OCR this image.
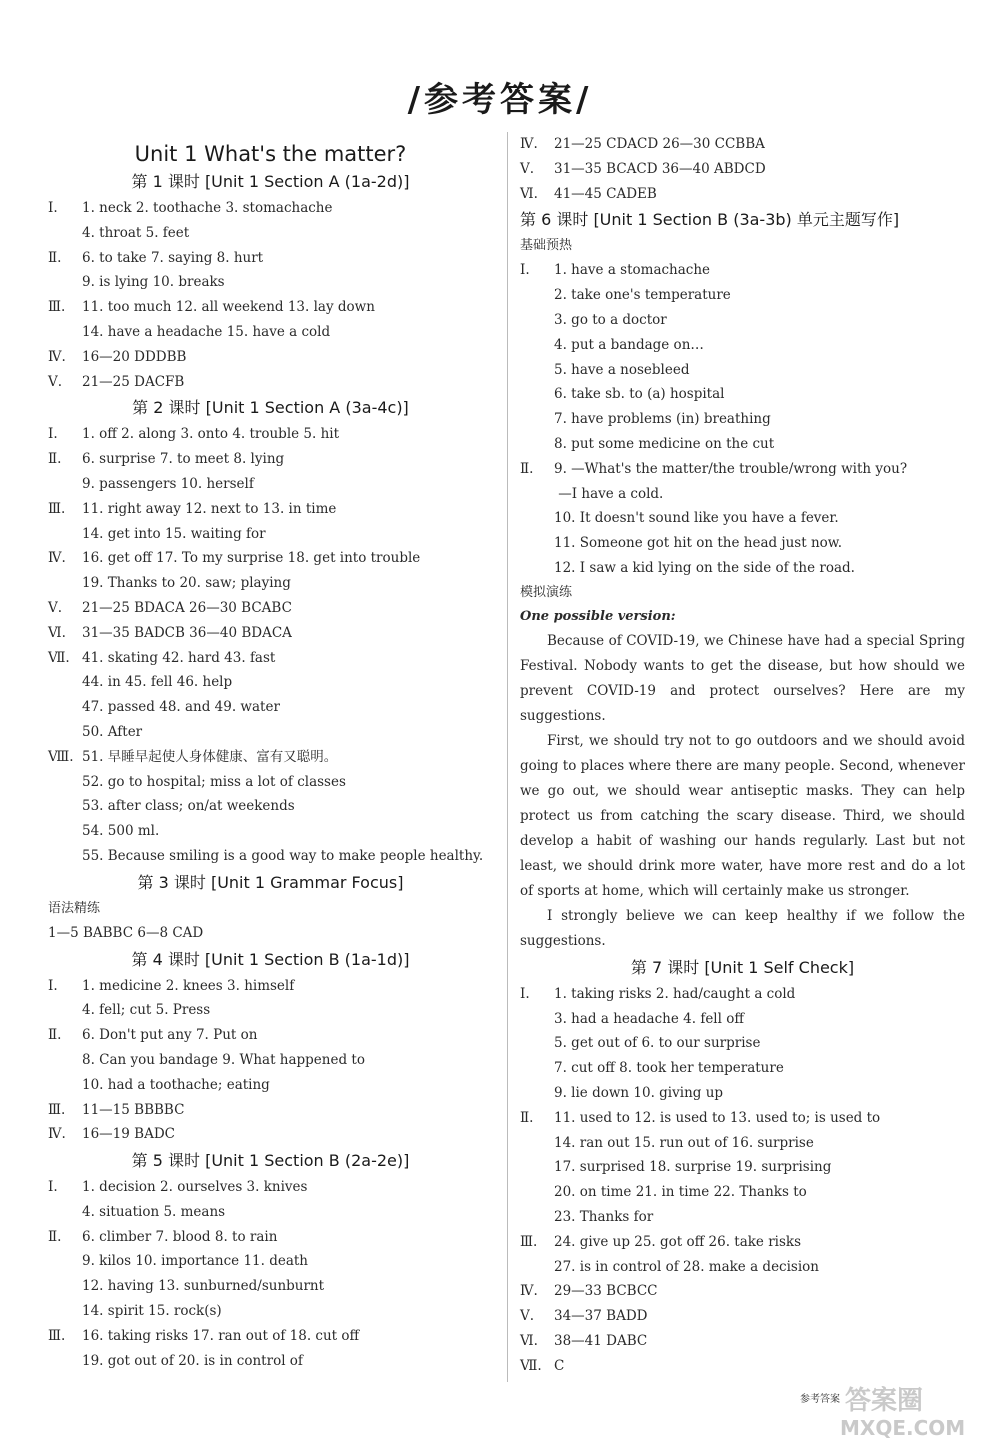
/参考答案/
Unit 1 What's the matter?
第 1 课时 [Unit 1 Section A (1a-2d)]
Ⅰ. 1. neck 2. toothache 3. stomachache
4. throat 5. feet
Ⅱ. 6. to take 7. saying 8. hurt
9. is lying 10. breaks
Ⅲ. 11. too much 12. all weekend 13. lay down
14. have a headache 15. have a cold
Ⅳ. 16—20 DDDBB
Ⅴ. 21—25 DACFB
第 2 课时 [Unit 1 Section A (3a-4c)]
Ⅰ. 1. off 2. along 3. onto 4. trouble 5. hit
Ⅱ. 6. surprise 7. to meet 8. lying
9. passengers 10. herself
Ⅲ. 11. right away 12. next to 13. in time
14. get into 15. waiting for
Ⅳ. 16. get off 17. To my surprise 18. get into trouble
19. Thanks to 20. saw; playing
Ⅴ. 21—25 BDACA 26—30 BCABC
Ⅵ. 31—35 BADCB 36—40 BDACA
Ⅶ. 41. skating 42. hard 43. fast
44. in 45. fell 46. help
47. passed 48. and 49. water
50. After
Ⅷ. 51. 早睡早起使人身体健康、富有又聪明。
52. go to hospital; miss a lot of classes
53. after class; on/at weekends
54. 500 ml.
55. Because smiling is a good way to make people healthy.
第 3 课时 [Unit 1 Grammar Focus]
语法精练
1—5 BABBC 6—8 CAD
第 4 课时 [Unit 1 Section B (1a-1d)]
Ⅰ. 1. medicine 2. knees 3. himself
4. fell; cut 5. Press
Ⅱ. 6. Don't put any 7. Put on
8. Can you bandage 9. What happened to
10. had a toothache; eating
Ⅲ. 11—15 BBBBC
Ⅳ. 16—19 BADC
第 5 课时 [Unit 1 Section B (2a-2e)]
Ⅰ. 1. decision 2. ourselves 3. knives
4. situation 5. means
Ⅱ. 6. climber 7. blood 8. to rain
9. kilos 10. importance 11. death
12. having 13. sunburned/sunburnt
14. spirit 15. rock(s)
Ⅲ. 16. taking risks 17. ran out of 18. cut off
19. got out of 20. is in control of
Ⅳ. 21—25 CDACD 26—30 CCBBA
Ⅴ. 31—35 BCACD 36—40 ABDCD
Ⅵ. 41—45 CADEB
第 6 课时 [Unit 1 Section B (3a-3b) 单元主题写作]
基础预热
Ⅰ. 1. have a stomachache
2. take one's temperature
3. go to a doctor
4. put a bandage on…
5. have a nosebleed
6. take sb. to (a) hospital
7. have problems (in) breathing
8. put some medicine on the cut
Ⅱ. 9. —What's the matter/the trouble/wrong with you?
—I have a cold.
10. It doesn't sound like you have a fever.
11. Someone got hit on the head just now.
12. I saw a kid lying on the side of the road.
模拟演练
One possible version:

Because of COVID-19, we Chinese have had a special Spring Festival. Nobody wants to get the disease, but how should we prevent COVID-19 and protect ourselves? Here are my suggestions.

First, we should try not to go outdoors and we should avoid going to places where there are many people. Second, whenever we go out, we should wear antiseptic masks. They can help protect us from catching the scary disease. Third, we should develop a habit of washing our hands regularly. Last but not least, we should drink more water, have more rest and do a lot of sports at home, which will certainly make us stronger.

I strongly believe we can keep healthy if we follow the suggestions.

第 7 课时 [Unit 1 Self Check]
Ⅰ. 1. taking risks 2. had/caught a cold
3. had a headache 4. fell off
5. get out of 6. to our surprise
7. cut off 8. took her temperature
9. lie down 10. giving up
Ⅱ. 11. used to 12. is used to 13. used to; is used to
14. ran out 15. run out of 16. surprise
17. surprised 18. surprise 19. surprising
20. on time 21. in time 22. Thanks to
23. Thanks for
Ⅲ. 24. give up 25. got off 26. take risks
27. is in control of 28. make a decision
Ⅳ. 29—33 BCBCC
Ⅴ. 34—37 BADD
Ⅵ. 38—41 DABC
Ⅶ. C
参考答案 答案圈
MXQE.COM
